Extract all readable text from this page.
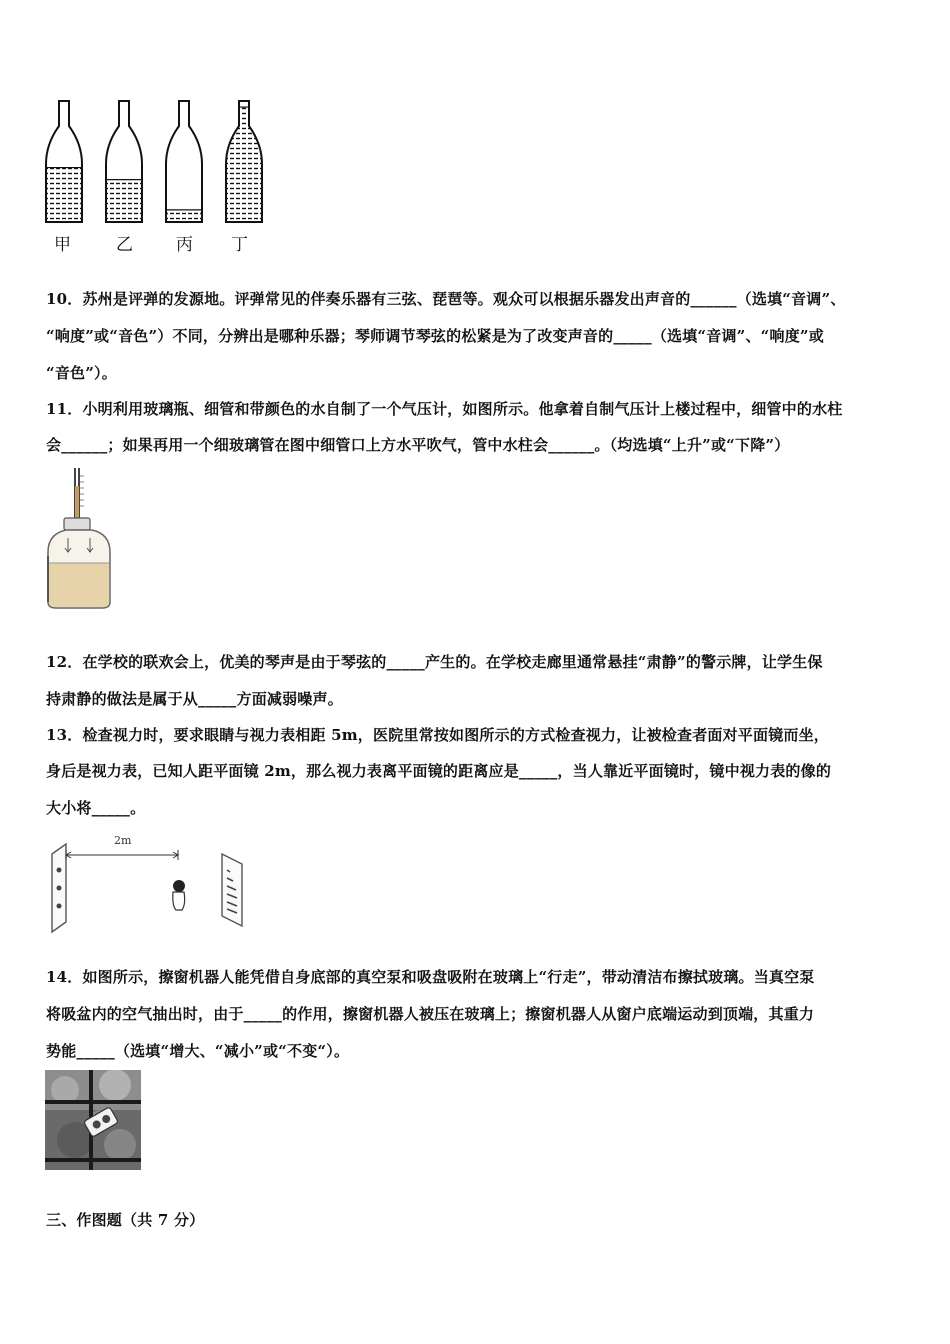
甲	乙	丙 丁
10．苏州是评弹的发源地。评弹常见的伴奏乐器有三弦、琵琶等。观众可以根据乐器发出声音的______（选填“音调”、
“响度”或“音色”）不同，分辨出是哪种乐器；琴师调节琴弦的松紧是为了改变声音的_____（选填“音调”、“响度”或
“音色”）。
11．小明利用玻璃瓶、细管和带颜色的水自制了一个气压计，如图所示。他拿着自制气压计上楼过程中，细管中的水柱
会______；如果再用一个细玻璃管在图中细管口上方水平吹气，管中水柱会______。（均选填“上升”或“下降”）
12．在学校的联欢会上，优美的琴声是由于琴弦的_____产生的。在学校走廊里通常悬挂“肃静”的警示牌，让学生保
持肃静的做法是属于从_____方面减弱噪声。
13．检查视力时，要求眼睛与视力表相距 5m，医院里常按如图所示的方式检查视力，让被检查者面对平面镜而坐，
身后是视力表，已知人距平面镜 2m，那么视力表离平面镜的距离应是_____，当人靠近平面镜时，镜中视力表的像的
大小将_____。
2m
14．如图所示，擦窗机器人能凭借自身底部的真空泵和吸盘吸附在玻璃上“行走”，带动清洁布擦拭玻璃。当真空泵
将吸盆内的空气抽出时，由于_____的作用，擦窗机器人被压在玻璃上；擦窗机器人从窗户底端运动到顶端，其重力
势能_____（选填“增大、“减小”或“不变“）。
三、作图题（共 7 分）
